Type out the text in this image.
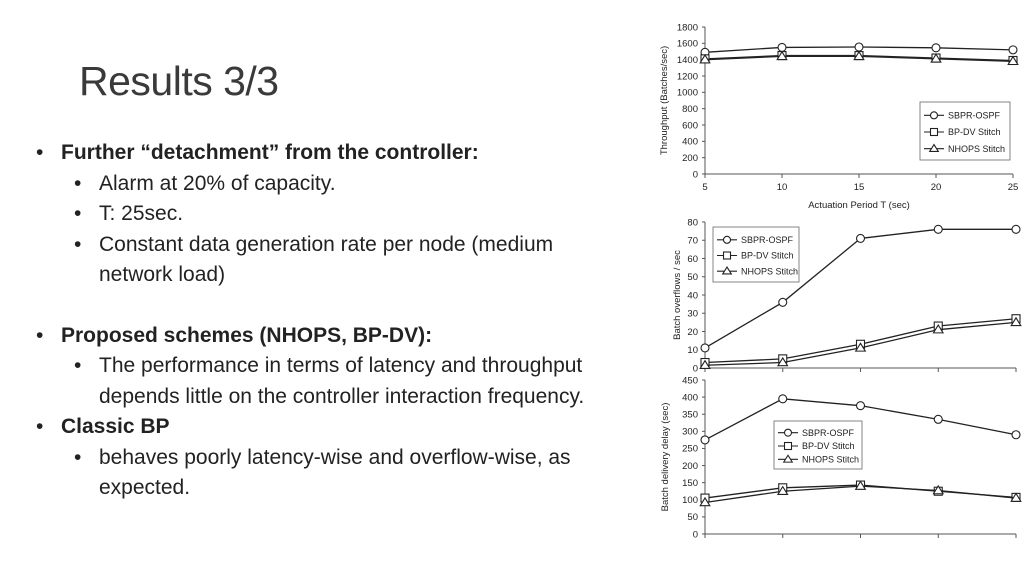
Results 3/3
• Further “detachment” from the controller:
• Alarm at 20% of capacity.
• T: 25sec.
• Constant data generation rate per node (medium network load)
• Proposed schemes (NHOPS, BP-DV):
• The performance in terms of latency and throughput depends little on the controller interaction frequency.
• Classic BP
• behaves poorly latency-wise and overflow-wise, as expected.
0
200
400
600
800
1000
1200
1400
1600
1800
5	10	15	20	25
Actuation Period T (sec)
Throughput (Batches/sec)	SBPR-OSPF
BP-DV Stitch
NHOPS Stitch
0
10
20
30
40
50
60
70
80
Batch overflows / sec
SBPR-OSPF
BP-DV Stitch
NHOPS Stitch
0
50
100
150
200
250
300
350
400
450
Batch delivery delay (sec)	SBPR-OSPF
BP-DV Stitch
NHOPS Stitch
